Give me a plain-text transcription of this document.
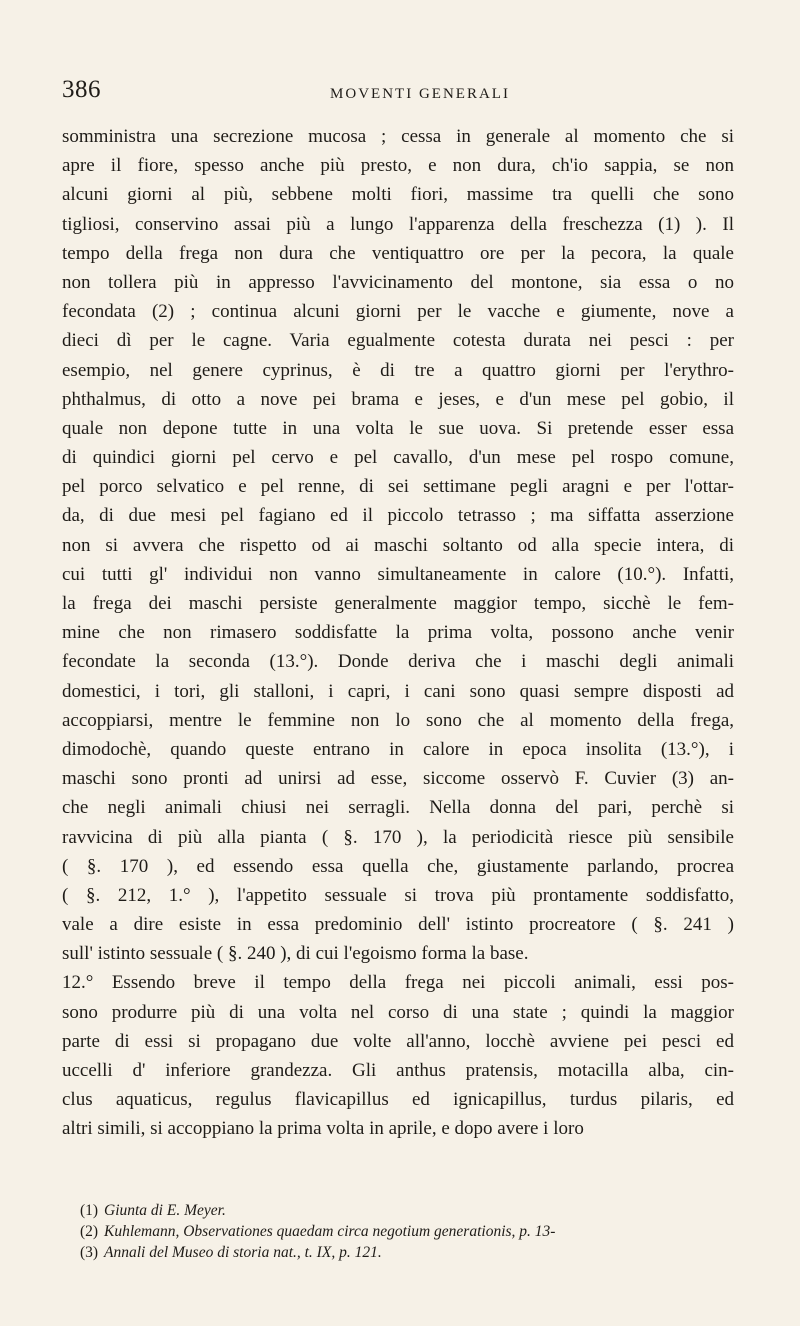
386	MOVENTI GENERALI
somministra una secrezione mucosa ; cessa in generale al momento che si
apre il fiore, spesso anche più presto, e non dura, ch'io sappia, se non
alcuni giorni al più, sebbene molti fiori, massime tra quelli che sono
tigliosi, conservino assai più a lungo l'apparenza della freschezza (1) ). Il
tempo della frega non dura che ventiquattro ore per la pecora, la quale
non tollera più in appresso l'avvicinamento del montone, sia essa o no
fecondata (2) ; continua alcuni giorni per le vacche e giumente, nove a
dieci dì per le cagne. Varia egualmente cotesta durata nei pesci : per
esempio, nel genere cyprinus, è di tre a quattro giorni per l'erythro-
phthalmus, di otto a nove pei brama e jeses, e d'un mese pel gobio, il
quale non depone tutte in una volta le sue uova. Si pretende esser essa
di quindici giorni pel cervo e pel cavallo, d'un mese pel rospo comune,
pel porco selvatico e pel renne, di sei settimane pegli aragni e per l'ottar-
da, di due mesi pel fagiano ed il piccolo tetrasso ; ma siffatta asserzione
non si avvera che rispetto od ai maschi soltanto od alla specie intera, di
cui tutti gl' individui non vanno simultaneamente in calore (10.°). Infatti,
la frega dei maschi persiste generalmente maggior tempo, sicchè le fem-
mine che non rimasero soddisfatte la prima volta, possono anche venir
fecondate la seconda (13.°). Donde deriva che i maschi degli animali
domestici, i tori, gli stalloni, i capri, i cani sono quasi sempre disposti ad
accoppiarsi, mentre le femmine non lo sono che al momento della frega,
dimodochè, quando queste entrano in calore in epoca insolita (13.°), i
maschi sono pronti ad unirsi ad esse, siccome osservò F. Cuvier (3) an-
che negli animali chiusi nei serragli. Nella donna del pari, perchè si
ravvicina di più alla pianta ( §. 170 ), la periodicità riesce più sensibile
( §. 170 ), ed essendo essa quella che, giustamente parlando, procrea
( §. 212, 1.° ), l'appetito sessuale si trova più prontamente soddisfatto,
vale a dire esiste in essa predominio dell' istinto procreatore ( §. 241 )
sull' istinto sessuale ( §. 240 ), di cui l'egoismo forma la base.
12.° Essendo breve il tempo della frega nei piccoli animali, essi pos-
sono produrre più di una volta nel corso di una state ; quindi la maggior
parte di essi si propagano due volte all'anno, locchè avviene pei pesci ed
uccelli d' inferiore grandezza. Gli anthus pratensis, motacilla alba, cin-
clus aquaticus, regulus flavicapillus ed ignicapillus, turdus pilaris, ed
altri simili, si accoppiano la prima volta in aprile, e dopo avere i loro
(1) Giunta di E. Meyer.
(2) Kuhlemann, Observationes quaedam circa negotium generationis, p. 13-
(3) Annali del Museo di storia nat., t. IX, p. 121.
